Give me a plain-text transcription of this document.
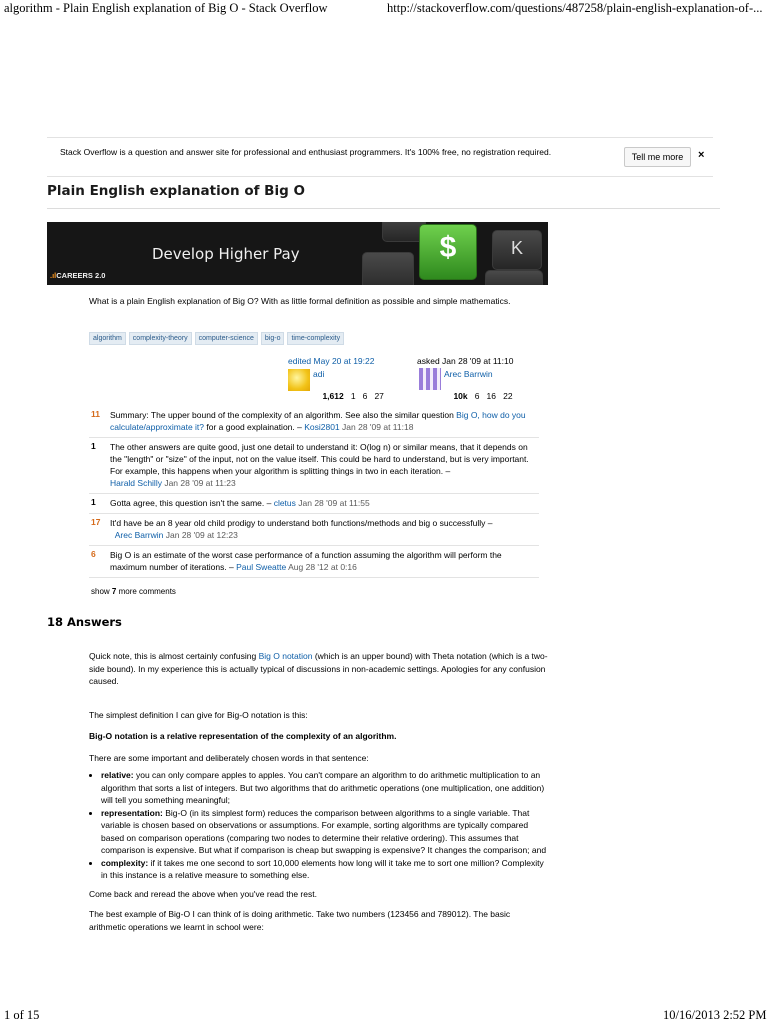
algorithm - Plain English explanation of Big O - Stack Overflow	http://stackoverflow.com/questions/487258/plain-english-explanation-of-...
Stack Overflow is a question and answer site for professional and enthusiast programmers. It's 100% free, no registration required.	Tell me more	×
Plain English explanation of Big O
Develop Higher Pay
.ılCAREERS 2.0
$	K
What is a plain English explanation of Big O? With as little formal definition as possible and simple mathematics.
algorithm complexity-theory computer-science big-o time-complexity
edited May 20 at 19:22
adi

1,612 1   6   27

asked Jan 28 '09 at 11:10
Arec Barrwin

10k 6   16   22

11 Summary: The upper bound of the complexity of an algorithm. See also the similar question Big O, how do you calculate/approximate it? for a good explaination. – Kosi2801 Jan 28 '09 at 11:18
1 The other answers are quite good, just one detail to understand it: O(log n) or similar means, that it depends on the "length" or "size" of the input, not on the value itself. This could be hard to understand, but is very important. For example, this happens when your algorithm is splitting things in two in each iteration. –
Harald Schilly Jan 28 '09 at 11:23
1 Gotta agree, this question isn't the same. – cletus Jan 28 '09 at 11:55
17 It'd have be an 8 year old child prodigy to understand both functions/methods and big o successfully –
Arec Barrwin Jan 28 '09 at 12:23
6 Big O is an estimate of the worst case performance of a function assuming the algorithm will perform the maximum number of iterations. – Paul Sweatte Aug 28 '12 at 0:16
show 7 more comments
18 Answers

Quick note, this is almost certainly confusing Big O notation (which is an upper bound) with Theta notation (which is a two-side bound). In my experience this is actually typical of discussions in non-academic settings. Apologies for any confusion caused.

The simplest definition I can give for Big-O notation is this:

Big-O notation is a relative representation of the complexity of an algorithm.

There are some important and deliberately chosen words in that sentence:

• relative: you can only compare apples to apples. You can't compare an algorithm to do arithmetic multiplication to an algorithm that sorts a list of integers. But two algorithms that do arithmetic operations (one multiplication, one addition) will tell you something meaningful;
• representation: Big-O (in its simplest form) reduces the comparison between algorithms to a single variable. That variable is chosen based on observations or assumptions. For example, sorting algorithms are typically compared based on comparison operations (comparing two nodes to determine their relative ordering). This assumes that comparison is expensive. But what if comparison is cheap but swapping is expensive? It changes the comparison; and
• complexity: if it takes me one second to sort 10,000 elements how long will it take me to sort one million? Complexity in this instance is a relative measure to something else.

Come back and reread the above when you've read the rest.

The best example of Big-O I can think of is doing arithmetic. Take two numbers (123456 and 789012). The basic arithmetic operations we learnt in school were:

1 of 15	10/16/2013 2:52 PM
